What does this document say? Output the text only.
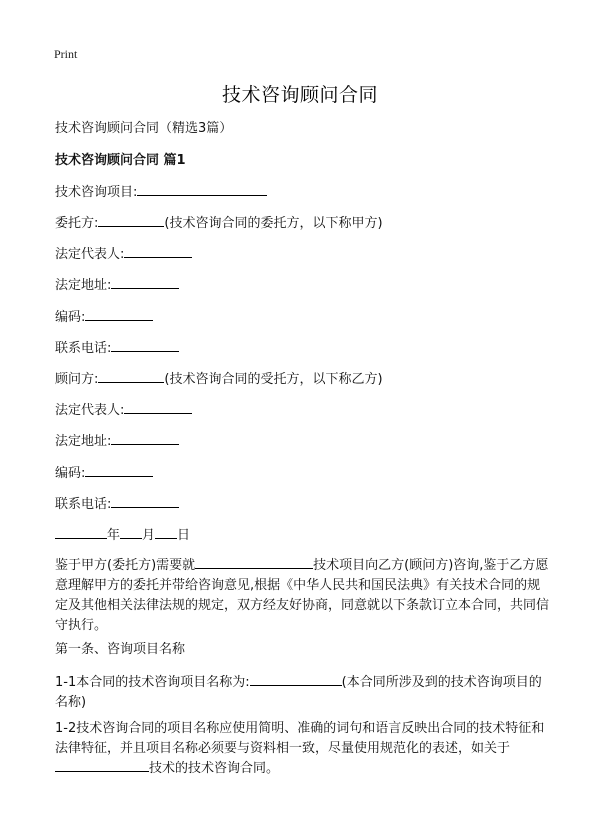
Print
技术咨询顾问合同
技术咨询顾问合同（精选3篇）
技术咨询顾问合同 篇1
技术咨询项目:
委托方:	(技术咨询合同的委托方，以下称甲方)
法定代表人:
法定地址:
编码:
联系电话:
顾问方:	(技术咨询合同的受托方，以下称乙方)
法定代表人:
法定地址:
编码:
联系电话:
年 月 日
鉴于甲方(委托方)需要就	技术项目向乙方(顾问方)咨询,鉴于乙方愿意理解甲方的委托并带给咨询意见,根据《中华人民共和国民法典》有关技术合同的规定及其他相关法律法规的规定，双方经友好协商，同意就以下条款订立本合同，共同信守执行。
第一条、咨询项目名称
1-1本合同的技术咨询项目名称为:	(本合同所涉及到的技术咨询项目的名称)
1-2技术咨询合同的项目名称应使用简明、准确的词句和语言反映出合同的技术特征和法律特征，并且项目名称必须要与资料相一致，尽量使用规范化的表述，如关于技术的技术咨询合同。
